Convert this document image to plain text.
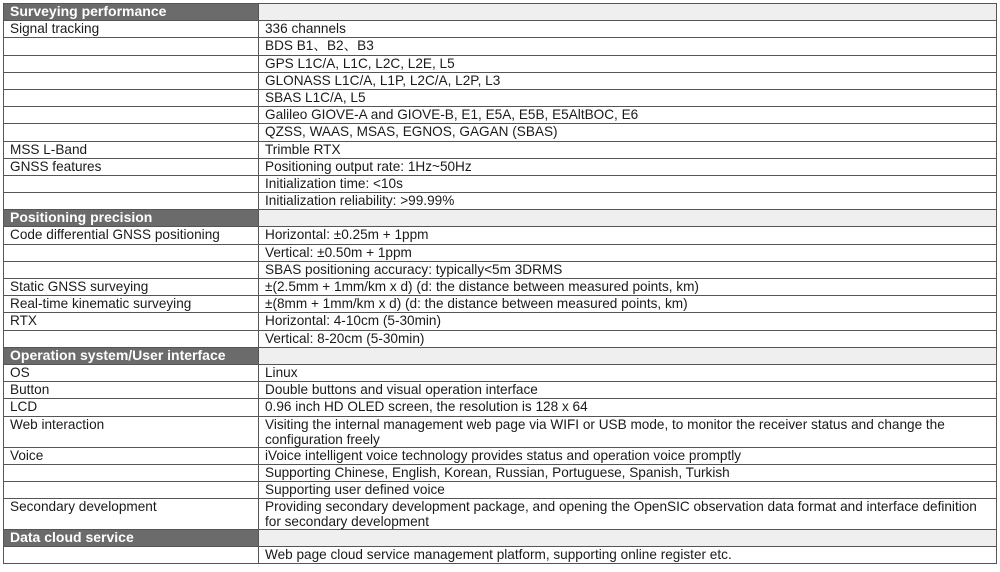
Surveying performance	
Signal tracking	336 channels
	BDS B1、B2、B3
	GPS L1C/A, L1C, L2C, L2E, L5
	GLONASS L1C/A, L1P, L2C/A, L2P, L3
	SBAS L1C/A, L5
	Galileo GIOVE-A and GIOVE-B, E1, E5A, E5B, E5AltBOC, E6
	QZSS, WAAS, MSAS, EGNOS, GAGAN (SBAS)
MSS L-Band	Trimble RTX
GNSS features	Positioning output rate: 1Hz~50Hz
	Initialization time: <10s
	Initialization reliability: >99.99%
Positioning precision	
Code differential GNSS positioning	Horizontal: ±0.25m + 1ppm
	Vertical: ±0.50m + 1ppm
	SBAS positioning accuracy: typically<5m 3DRMS
Static GNSS surveying	±(2.5mm + 1mm/km x d) (d: the distance between measured points, km)
Real-time kinematic surveying	±(8mm + 1mm/km x d) (d: the distance between measured points, km)
RTX	Horizontal: 4-10cm (5-30min)
	Vertical: 8-20cm (5-30min)
Operation system/User interface	
OS	Linux
Button	Double buttons and visual operation interface
LCD	0.96 inch HD OLED screen, the resolution is 128 x 64
Web interaction	Visiting the internal management web page via WIFI or USB mode, to monitor the receiver status and change the configuration freely
Voice	iVoice intelligent voice technology provides status and operation voice promptly
	Supporting Chinese, English, Korean, Russian, Portuguese, Spanish, Turkish
	Supporting user defined voice
Secondary development	Providing secondary development package, and opening the OpenSIC observation data format and interface definition for secondary development
Data cloud service	
	Web page cloud service management platform, supporting online register etc.
